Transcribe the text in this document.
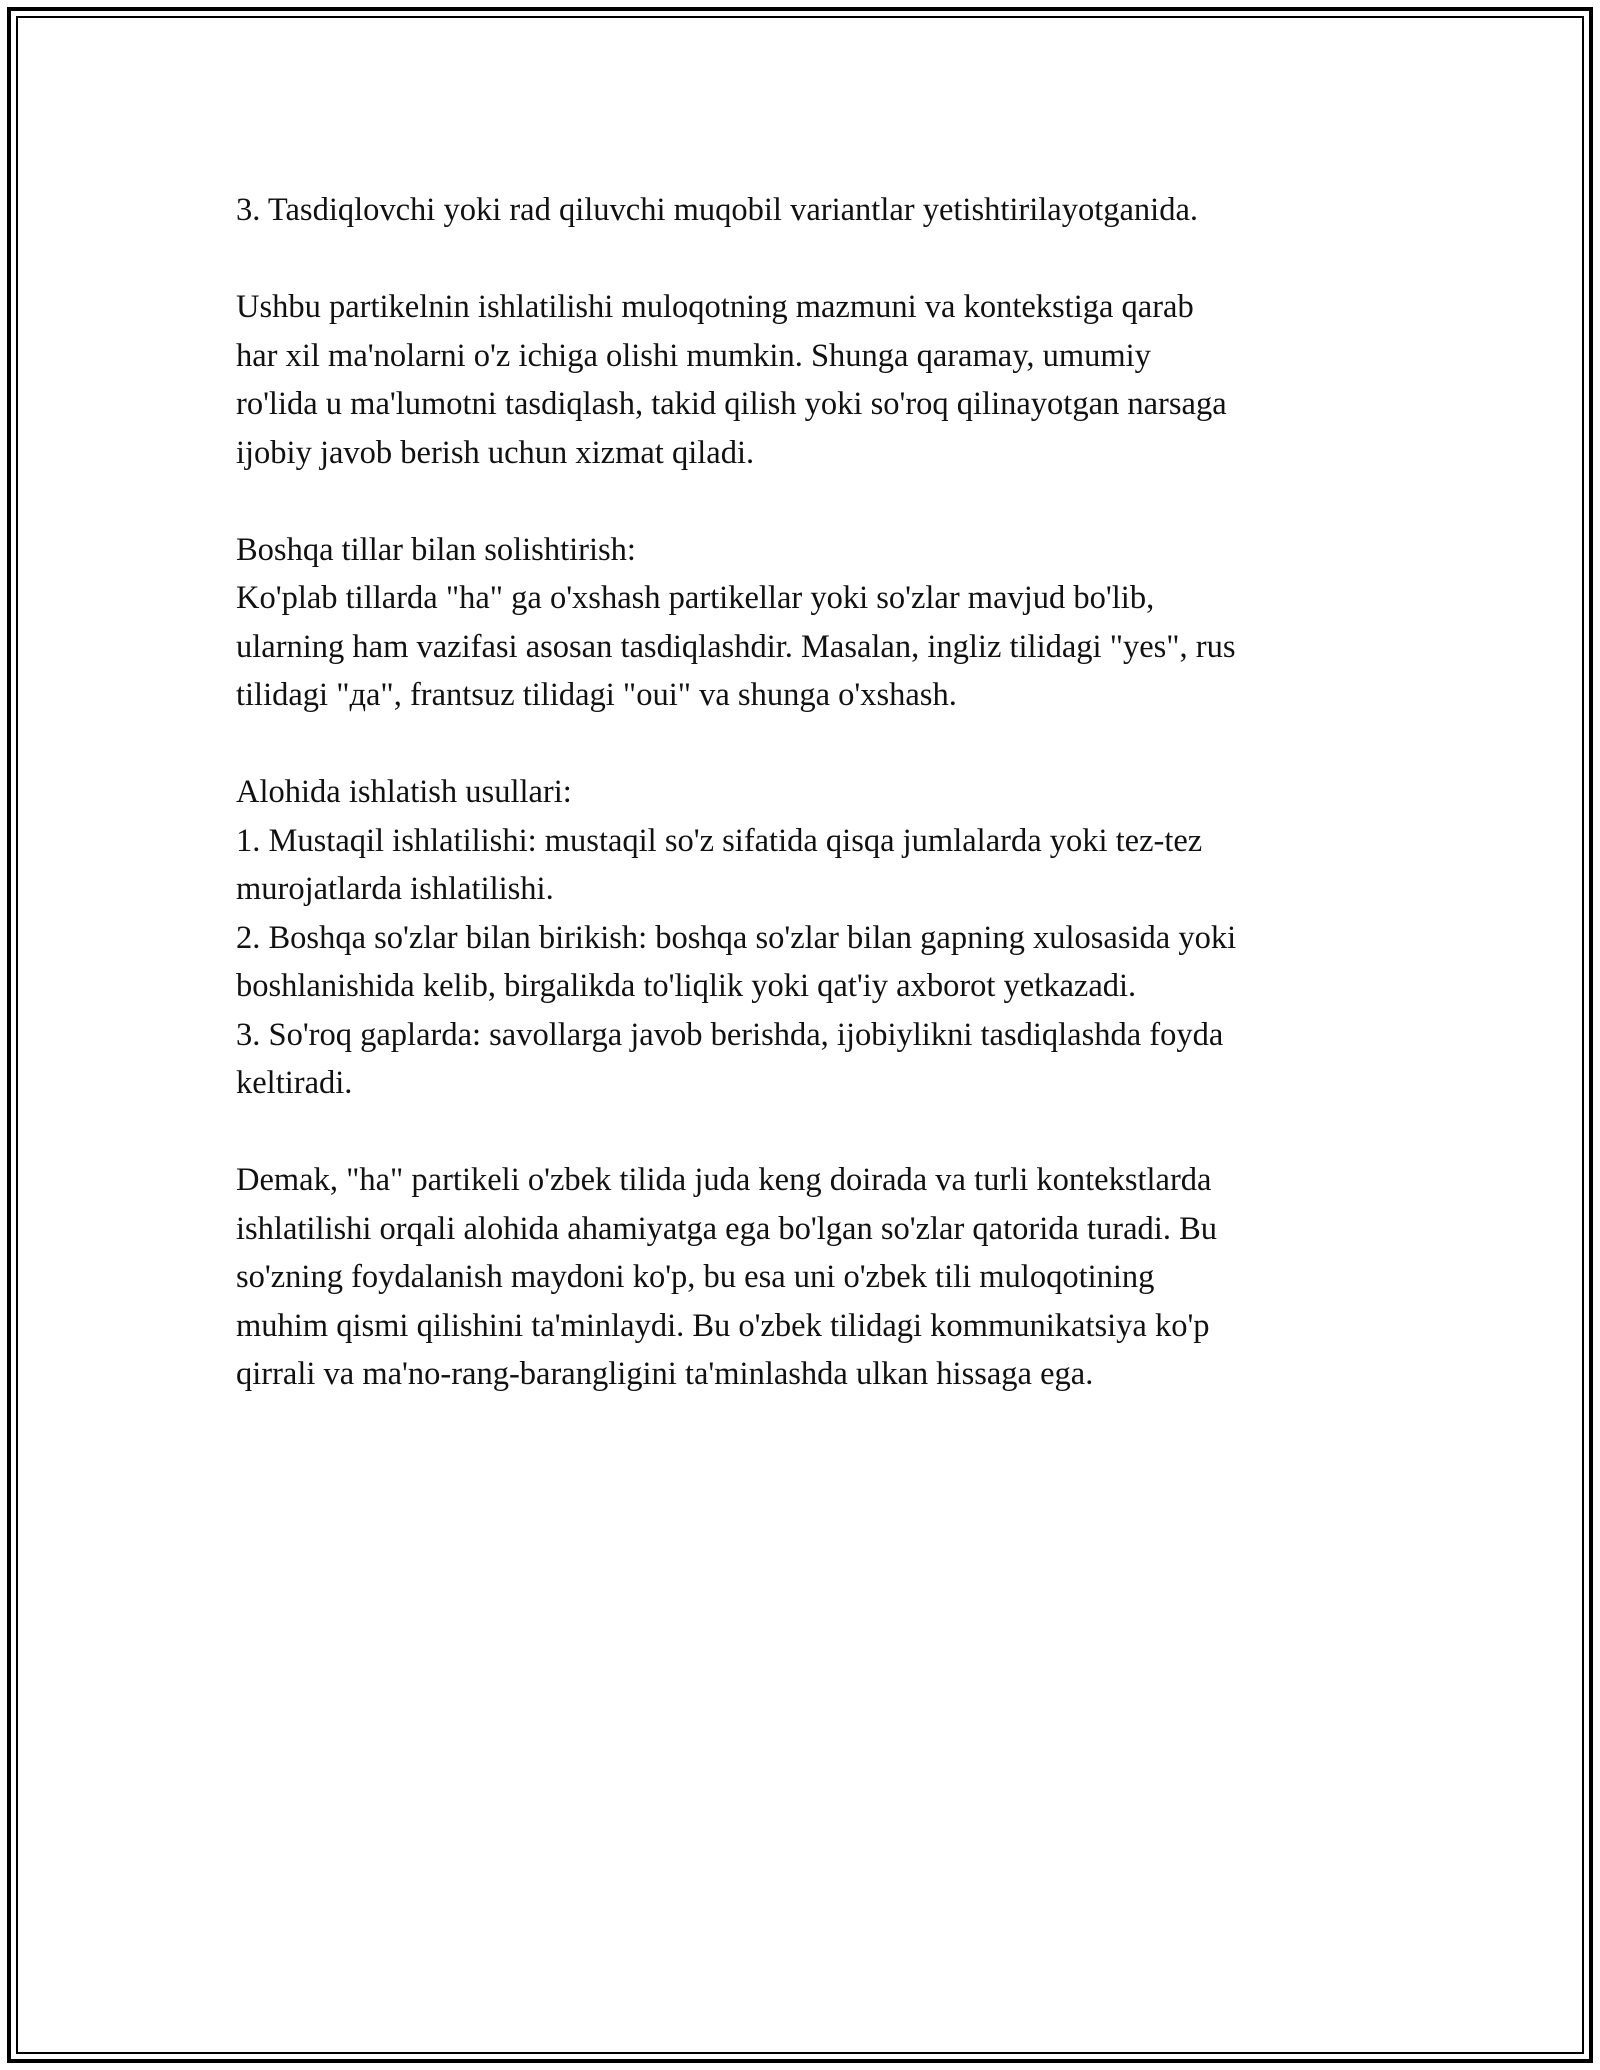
3. Tasdiqlovchi yoki rad qiluvchi muqobil variantlar yetishtirilayotganida.

Ushbu partikelnin ishlatilishi muloqotning mazmuni va kontekstiga qarab
har xil ma'nolarni o'z ichiga olishi mumkin. Shunga qaramay, umumiy
ro'lida u ma'lumotni tasdiqlash, takid qilish yoki so'roq qilinayotgan narsaga
ijobiy javob berish uchun xizmat qiladi.

Boshqa tillar bilan solishtirish:
Ko'plab tillarda "ha" ga o'xshash partikellar yoki so'zlar mavjud bo'lib,
ularning ham vazifasi asosan tasdiqlashdir. Masalan, ingliz tilidagi "yes", rus
tilidagi "да", frantsuz tilidagi "oui" va shunga o'xshash.

Alohida ishlatish usullari:
1. Mustaqil ishlatilishi: mustaqil so'z sifatida qisqa jumlalarda yoki tez-tez
murojatlarda ishlatilishi.
2. Boshqa so'zlar bilan birikish: boshqa so'zlar bilan gapning xulosasida yoki
boshlanishida kelib, birgalikda to'liqlik yoki qat'iy axborot yetkazadi.
3. So'roq gaplarda: savollarga javob berishda, ijobiylikni tasdiqlashda foyda
keltiradi.

Demak, "ha" partikeli o'zbek tilida juda keng doirada va turli kontekstlarda
ishlatilishi orqali alohida ahamiyatga ega bo'lgan so'zlar qatorida turadi. Bu
so'zning foydalanish maydoni ko'p, bu esa uni o'zbek tili muloqotining
muhim qismi qilishini ta'minlaydi. Bu o'zbek tilidagi kommunikatsiya ko'p
qirrali va ma'no-rang-barangligini ta'minlashda ulkan hissaga ega.
